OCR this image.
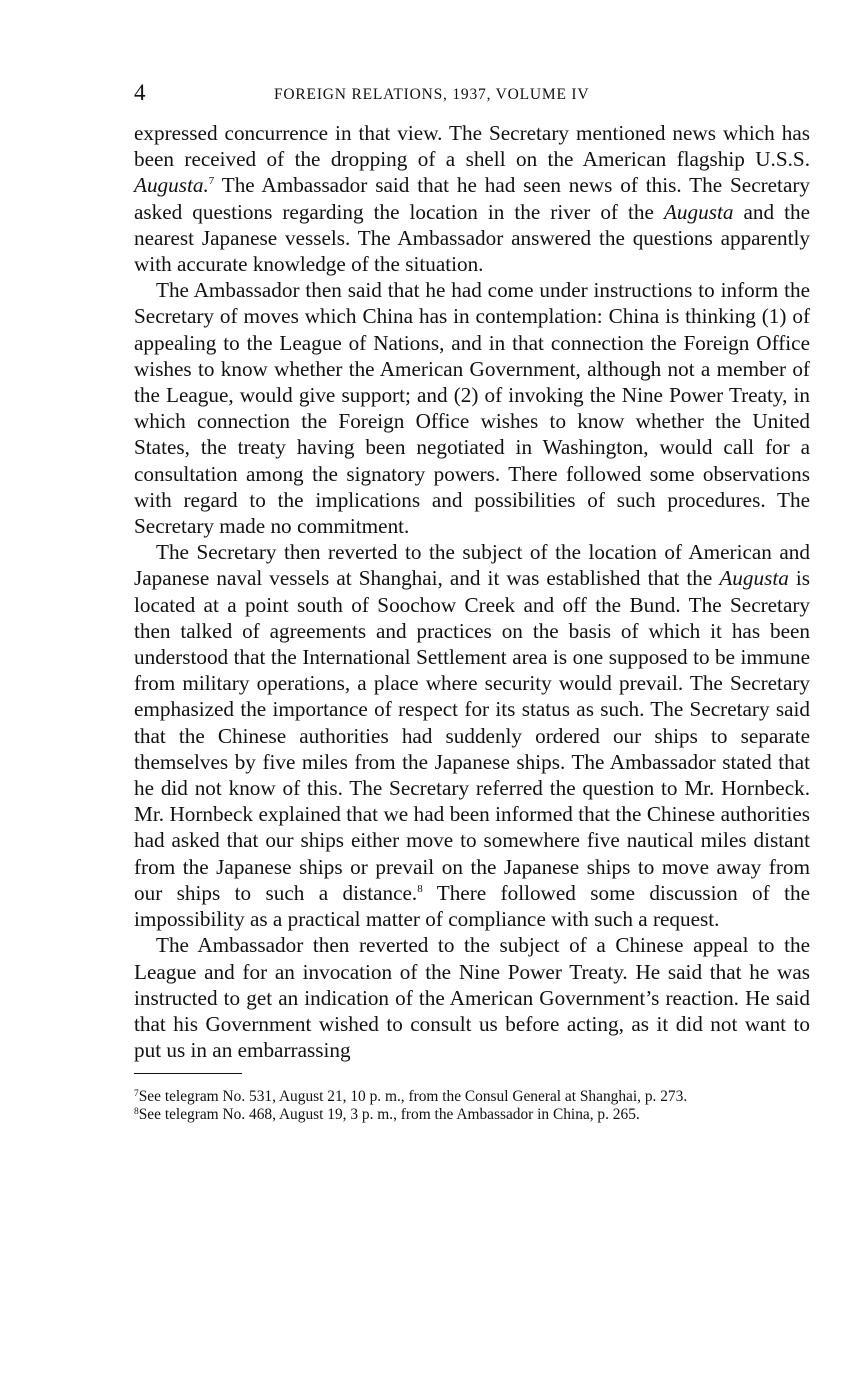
4	FOREIGN RELATIONS, 1937, VOLUME IV

expressed concurrence in that view. The Secretary mentioned news which has been received of the dropping of a shell on the American flagship U.S.S. Augusta.$^7$ The Ambassador said that he had seen news of this. The Secretary asked questions regarding the location in the river of the Augusta and the nearest Japanese vessels. The Ambassador answered the questions apparently with accurate knowledge of the situation.

The Ambassador then said that he had come under instructions to inform the Secretary of moves which China has in contemplation: China is thinking (1) of appealing to the League of Nations, and in that connection the Foreign Office wishes to know whether the American Government, although not a member of the League, would give support; and (2) of invoking the Nine Power Treaty, in which connection the Foreign Office wishes to know whether the United States, the treaty having been negotiated in Washington, would call for a consultation among the signatory powers. There followed some observations with regard to the implications and possibilities of such procedures. The Secretary made no commitment.

The Secretary then reverted to the subject of the location of American and Japanese naval vessels at Shanghai, and it was established that the Augusta is located at a point south of Soochow Creek and off the Bund. The Secretary then talked of agreements and practices on the basis of which it has been understood that the International Settlement area is one supposed to be immune from military operations, a place where security would prevail. The Secretary emphasized the importance of respect for its status as such. The Secretary said that the Chinese authorities had suddenly ordered our ships to separate themselves by five miles from the Japanese ships. The Ambassador stated that he did not know of this. The Secretary referred the question to Mr. Hornbeck. Mr. Hornbeck explained that we had been informed that the Chinese authorities had asked that our ships either move to somewhere five nautical miles distant from the Japanese ships or prevail on the Japanese ships to move away from our ships to such a distance.$^8$ There followed some discussion of the impossibility as a practical matter of compliance with such a request.

The Ambassador then reverted to the subject of a Chinese appeal to the League and for an invocation of the Nine Power Treaty. He said that he was instructed to get an indication of the American Government’s reaction. He said that his Government wished to consult us before acting, as it did not want to put us in an embarrassing

$^7$See telegram No. 531, August 21, 10 p. m., from the Consul General at Shanghai, p. 273.

$^8$See telegram No. 468, August 19, 3 p. m., from the Ambassador in China, p. 265.
